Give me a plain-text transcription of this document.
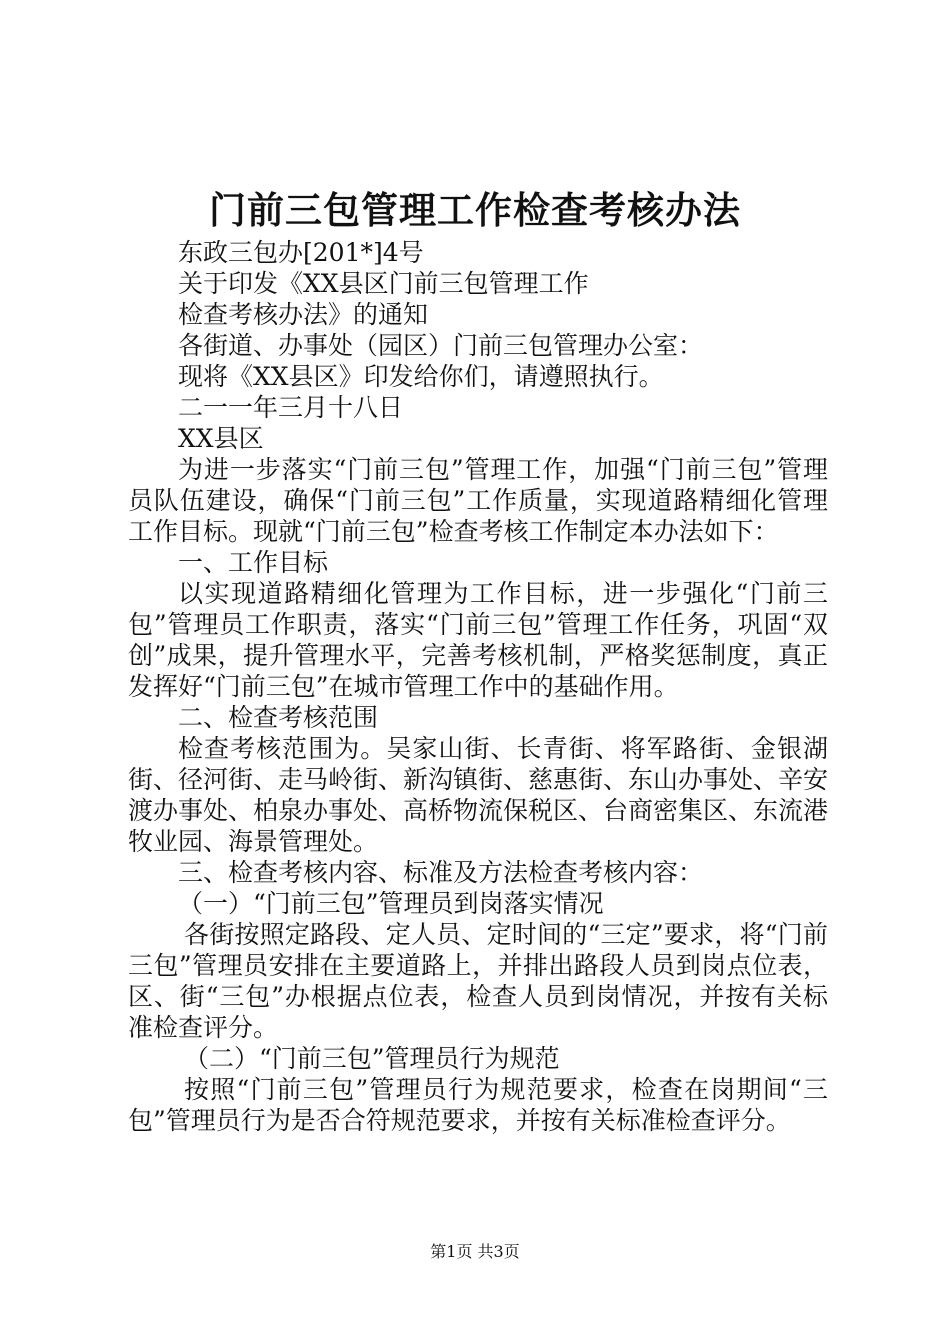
门前三包管理工作检查考核办法

东政三包办[201*]4号

关于印发《XX县区门前三包管理工作

检查考核办法》的通知

各街道、办事处（园区）门前三包管理办公室：

现将《XX县区》印发给你们，请遵照执行。

二一一年三月十八日

XX县区

为进一步落实“门前三包”管理工作，加强“门前三包”管理员队伍建设，确保“门前三包”工作质量，实现道路精细化管理工作目标。现就“门前三包”检查考核工作制定本办法如下：

一、工作目标

以实现道路精细化管理为工作目标，进一步强化“门前三包”管理员工作职责，落实“门前三包”管理工作任务，巩固“双创”成果，提升管理水平，完善考核机制，严格奖惩制度，真正发挥好“门前三包”在城市管理工作中的基础作用。

二、检查考核范围

检查考核范围为。吴家山街、长青街、将军路街、金银湖街、径河街、走马岭街、新沟镇街、慈惠街、东山办事处、辛安渡办事处、柏泉办事处、高桥物流保税区、台商密集区、东流港牧业园、海景管理处。

三、检查考核内容、标准及方法检查考核内容：

（一）“门前三包”管理员到岗落实情况

各街按照定路段、定人员、定时间的“三定”要求，将“门前三包”管理员安排在主要道路上，并排出路段人员到岗点位表，区、街“三包”办根据点位表，检查人员到岗情况，并按有关标准检查评分。

（二）“门前三包”管理员行为规范

按照“门前三包”管理员行为规范要求，检查在岗期间“三包”管理员行为是否合符规范要求，并按有关标准检查评分。

第1页 共3页
